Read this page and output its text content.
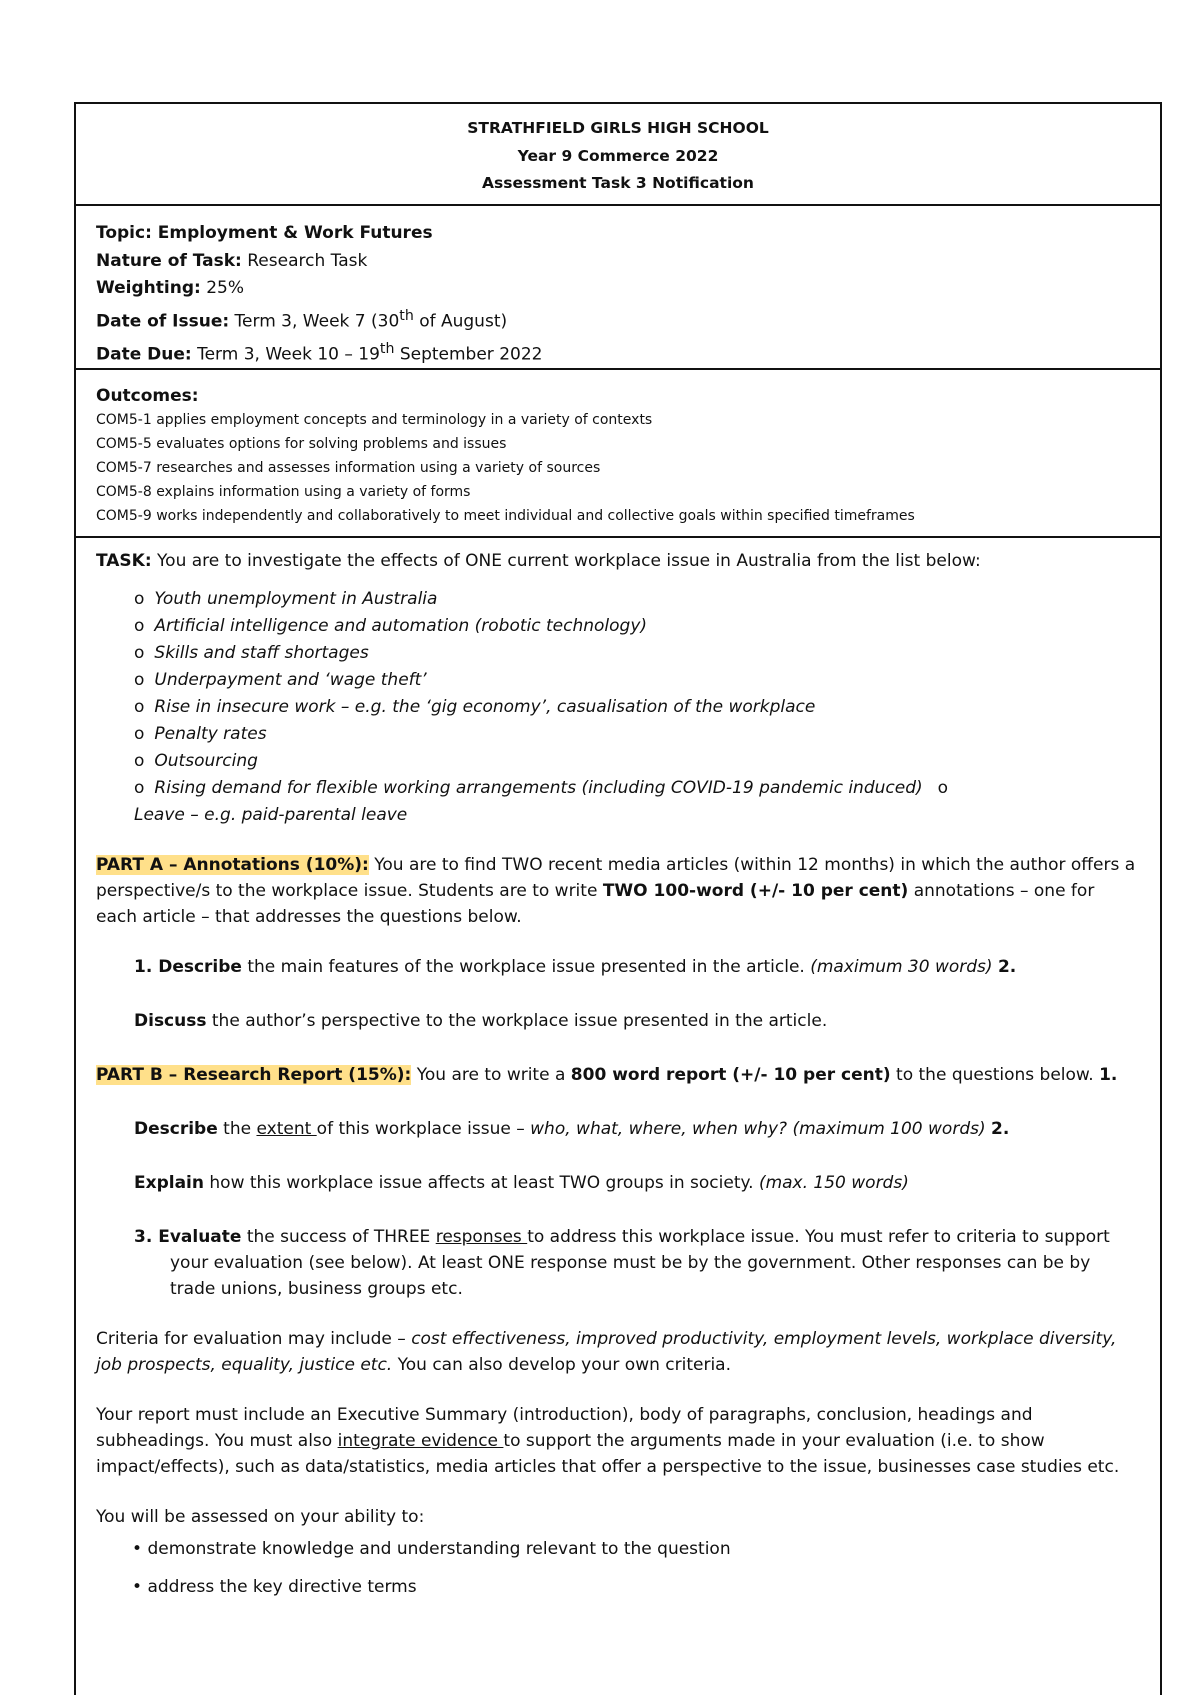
STRATHFIELD GIRLS HIGH SCHOOL
Year 9 Commerce 2022
Assessment Task 3 Notification
Topic: Employment & Work Futures
Nature of Task: Research Task
Weighting: 25%
Date of Issue: Term 3, Week 7 (30th of August)
Date Due: Term 3, Week 10 – 19th September 2022
Outcomes:
COM5-1 applies employment concepts and terminology in a variety of contexts
COM5-5 evaluates options for solving problems and issues
COM5-7 researches and assesses information using a variety of sources
COM5-8 explains information using a variety of forms
COM5-9 works independently and collaboratively to meet individual and collective goals within specified timeframes

TASK: You are to investigate the effects of ONE current workplace issue in Australia from the list below:

o Youth unemployment in Australia
o Artificial intelligence and automation (robotic technology)
o Skills and staff shortages
o Underpayment and ‘wage theft’
o Rise in insecure work – e.g. the ‘gig economy’, casualisation of the workplace
o Penalty rates
o Outsourcing
o Rising demand for flexible working arrangements (including COVID-19 pandemic induced) o
Leave – e.g. paid-parental leave

PART A – Annotations (10%): You are to find TWO recent media articles (within 12 months) in which the author offers a perspective/s to the workplace issue. Students are to write TWO 100-word (+/- 10 per cent) annotations – one for each article – that addresses the questions below.

1. Describe the main features of the workplace issue presented in the article. (maximum 30 words) 2.

Discuss the author’s perspective to the workplace issue presented in the article.

PART B – Research Report (15%): You are to write a 800 word report (+/- 10 per cent) to the questions below. 1.

Describe the extent of this workplace issue – who, what, where, when why? (maximum 100 words) 2.

Explain how this workplace issue affects at least TWO groups in society. (max. 150 words)

3. Evaluate the success of THREE responses to address this workplace issue. You must refer to criteria to support your evaluation (see below). At least ONE response must be by the government. Other responses can be by trade unions, business groups etc.

Criteria for evaluation may include – cost effectiveness, improved productivity, employment levels, workplace diversity, job prospects, equality, justice etc. You can also develop your own criteria.

Your report must include an Executive Summary (introduction), body of paragraphs, conclusion, headings and subheadings. You must also integrate evidence to support the arguments made in your evaluation (i.e. to show impact/effects), such as data/statistics, media articles that offer a perspective to the issue, businesses case studies etc.

You will be assessed on your ability to:

• demonstrate knowledge and understanding relevant to the question
• address the key directive terms
